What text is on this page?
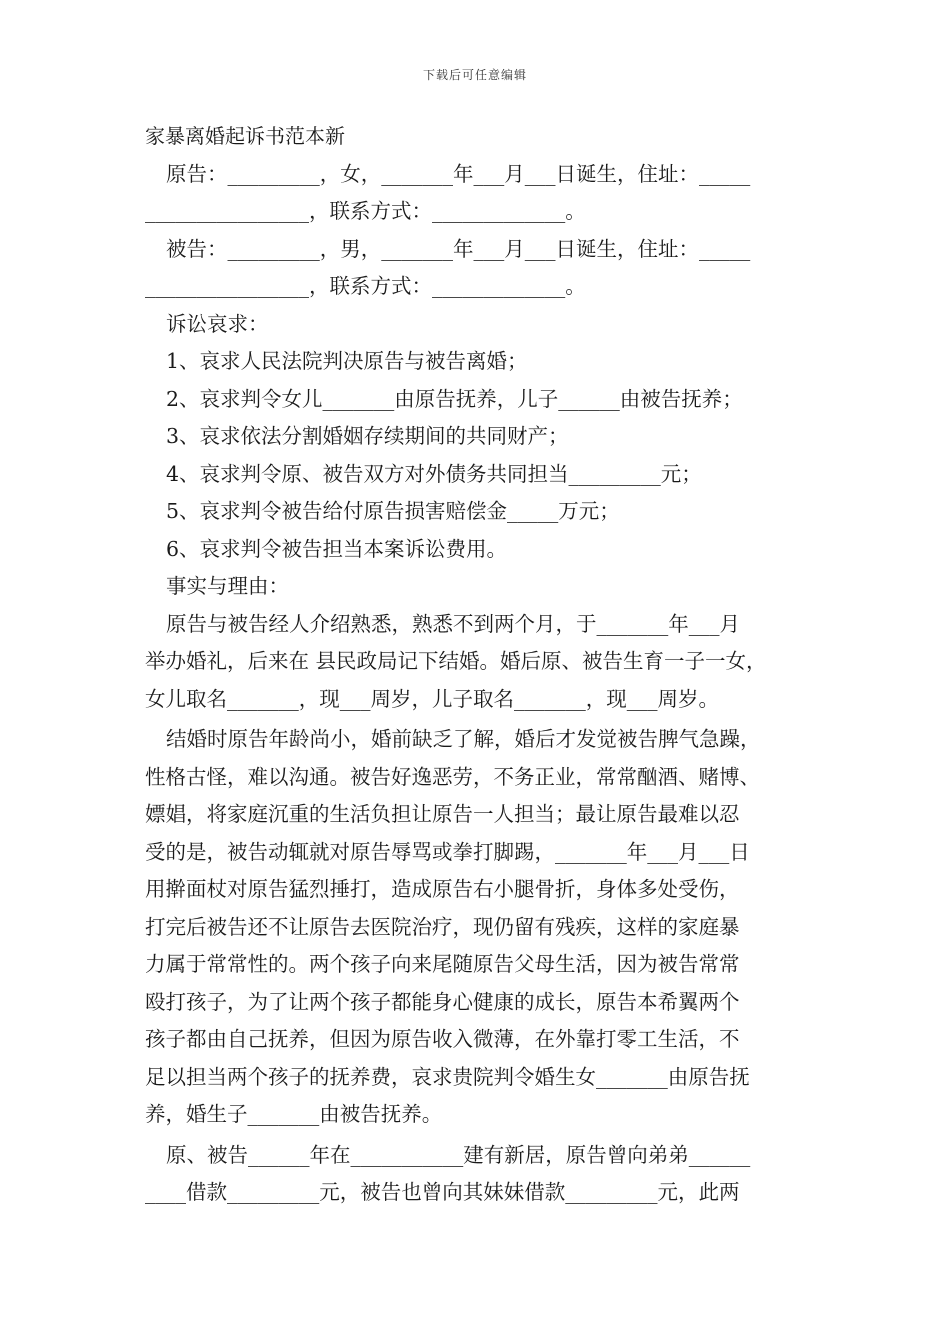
下载后可任意编辑
家暴离婚起诉书范本新
原告：_________，女，_______年___月___日诞生，住址：_____
________________，联系方式：_____________。
被告：_________，男，_______年___月___日诞生，住址：_____
________________，联系方式：_____________。
诉讼哀求：
1、哀求人民法院判决原告与被告离婚；
2、哀求判令女儿_______由原告抚养，儿子______由被告抚养；
3、哀求依法分割婚姻存续期间的共同财产；
4、哀求判令原、被告双方对外债务共同担当_________元；
5、哀求判令被告给付原告损害赔偿金_____万元；
6、哀求判令被告担当本案诉讼费用。
事实与理由：
原告与被告经人介绍熟悉，熟悉不到两个月，于_______年___月
举办婚礼，后来在 县民政局记下结婚。婚后原、被告生育一子一女，
女儿取名_______，现___周岁，儿子取名_______，现___周岁。
结婚时原告年龄尚小，婚前缺乏了解，婚后才发觉被告脾气急躁，
性格古怪，难以沟通。被告好逸恶劳，不务正业，常常酗酒、赌博、
嫖娼，将家庭沉重的生活负担让原告一人担当；最让原告最难以忍
受的是，被告动辄就对原告辱骂或拳打脚踢，_______年___月___日
用擀面杖对原告猛烈捶打，造成原告右小腿骨折，身体多处受伤，
打完后被告还不让原告去医院治疗，现仍留有残疾，这样的家庭暴
力属于常常性的。两个孩子向来尾随原告父母生活，因为被告常常
殴打孩子，为了让两个孩子都能身心健康的成长，原告本希翼两个
孩子都由自己抚养，但因为原告收入微薄，在外靠打零工生活，不
足以担当两个孩子的抚养费，哀求贵院判令婚生女_______由原告抚
养，婚生子_______由被告抚养。
原、被告______年在___________建有新居，原告曾向弟弟______
____借款_________元，被告也曾向其妹妹借款_________元，此两
